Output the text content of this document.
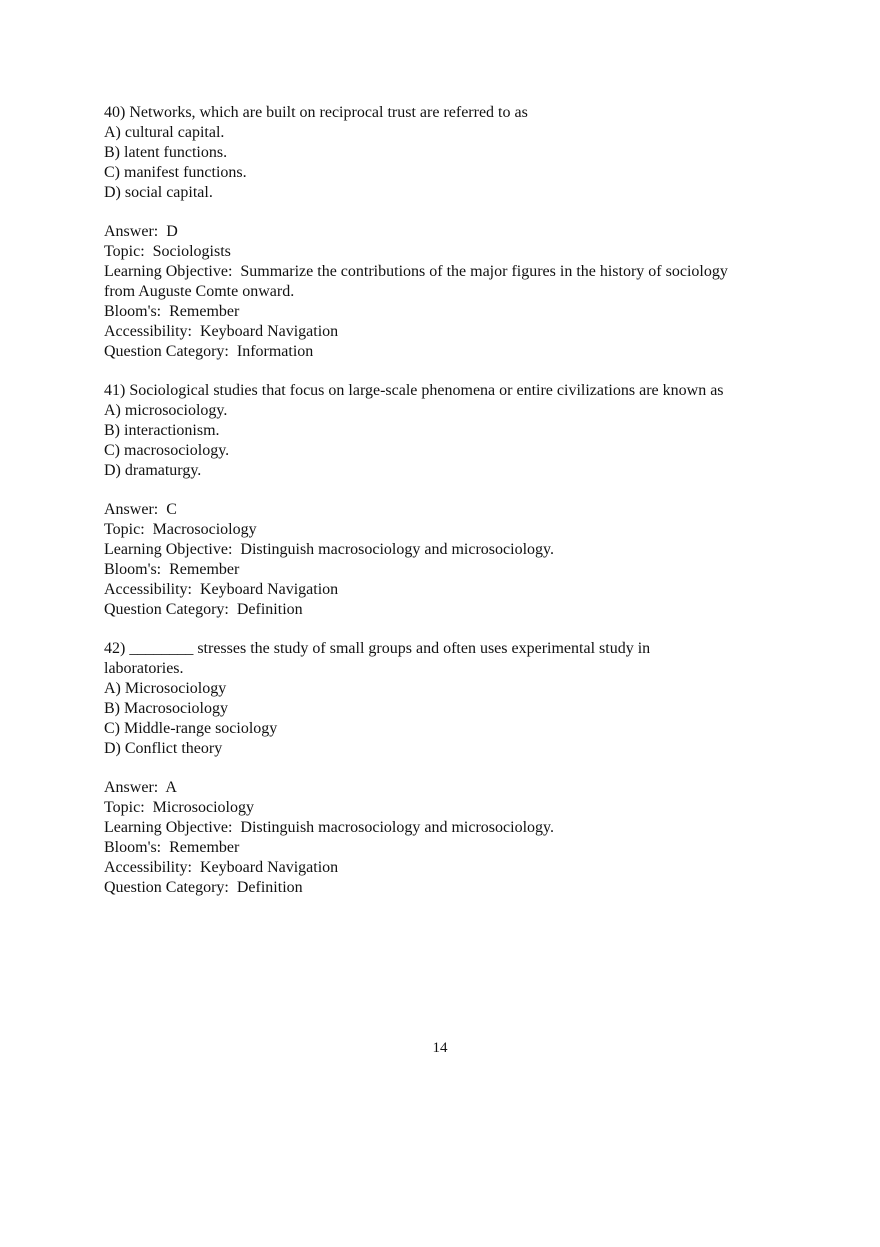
40) Networks, which are built on reciprocal trust are referred to as
A) cultural capital.
B) latent functions.
C) manifest functions.
D) social capital.
Answer:  D
Topic:  Sociologists
Learning Objective:  Summarize the contributions of the major figures in the history of sociology
from Auguste Comte onward.
Bloom's:  Remember
Accessibility:  Keyboard Navigation
Question Category:  Information
41) Sociological studies that focus on large-scale phenomena or entire civilizations are known as
A) microsociology.
B) interactionism.
C) macrosociology.
D) dramaturgy.
Answer:  C
Topic:  Macrosociology
Learning Objective:  Distinguish macrosociology and microsociology.
Bloom's:  Remember
Accessibility:  Keyboard Navigation
Question Category:  Definition
42) ________ stresses the study of small groups and often uses experimental study in
laboratories.
A) Microsociology
B) Macrosociology
C) Middle-range sociology
D) Conflict theory
Answer:  A
Topic:  Microsociology
Learning Objective:  Distinguish macrosociology and microsociology.
Bloom's:  Remember
Accessibility:  Keyboard Navigation
Question Category:  Definition
14
